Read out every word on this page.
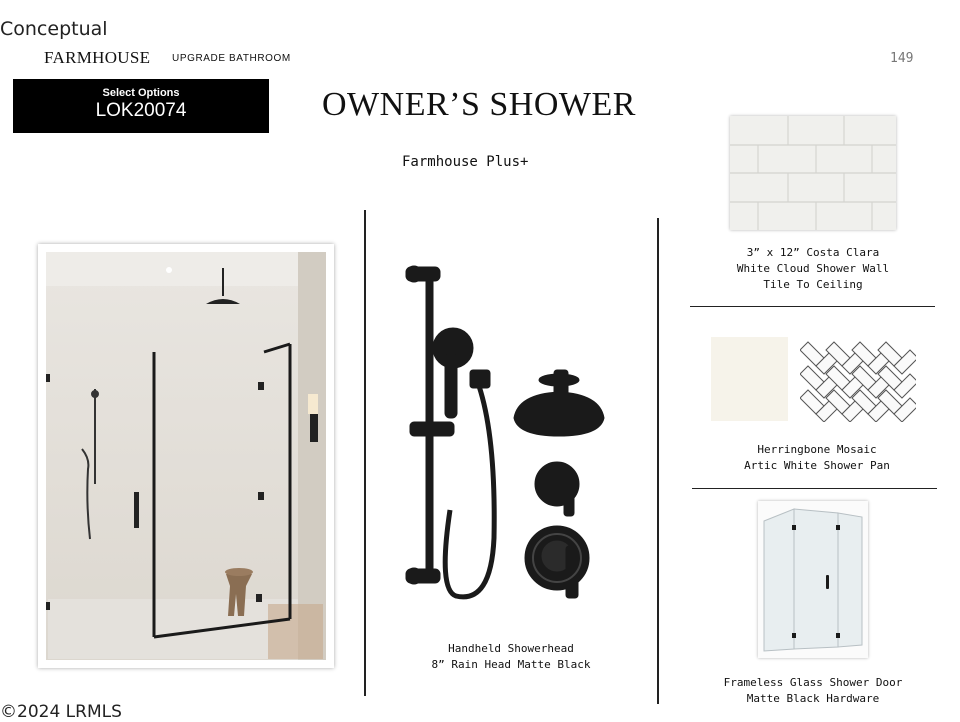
Conceptual
FARMHOUSE UPGRADE BATHROOM	149
Select Options
LOK20074	OWNER’S SHOWER
Farmhouse Plus+
Handheld Showerhead
8” Rain Head Matte Black
3” x 12” Costa Clara
White Cloud Shower Wall
Tile To Ceiling
Herringbone Mosaic
Artic White Shower Pan
Frameless Glass Shower Door
Matte Black Hardware
©2024 LRMLS
